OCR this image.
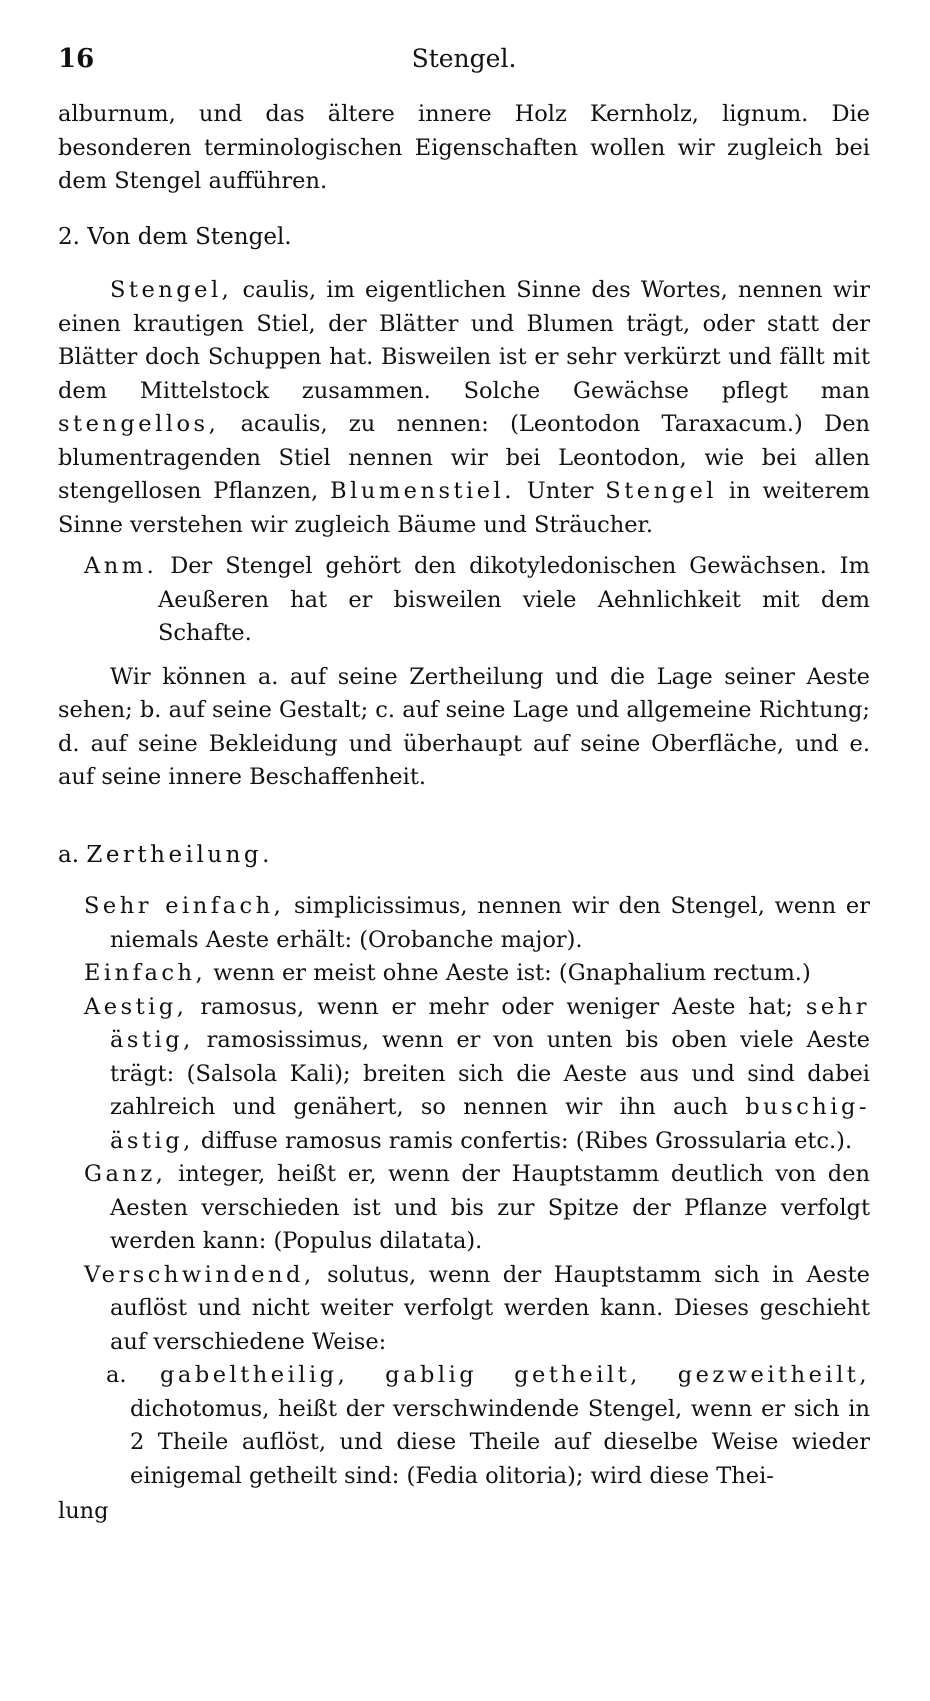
16	Stengel.

alburnum, und das ältere innere Holz Kernholz, lignum. Die besonderen terminologischen Eigenschaften wollen wir zugleich bei dem Stengel aufführen.

2. Von dem Stengel.

Stengel, caulis, im eigentlichen Sinne des Wortes, nennen wir einen krautigen Stiel, der Blätter und Blumen trägt, oder statt der Blätter doch Schuppen hat. Bisweilen ist er sehr verkürzt und fällt mit dem Mittelstock zusammen. Solche Gewächse pflegt man stengellos, acaulis, zu nennen: (Leontodon Taraxacum.) Den blumentragenden Stiel nennen wir bei Leontodon, wie bei allen stengellosen Pflanzen, Blumenstiel. Unter Stengel in weiterem Sinne verstehen wir zugleich Bäume und Sträucher.

Anm. Der Stengel gehört den dikotyledonischen Gewächsen. Im Aeußeren hat er bisweilen viele Aehnlichkeit mit dem Schafte.

Wir können a. auf seine Zertheilung und die Lage seiner Aeste sehen; b. auf seine Gestalt; c. auf seine Lage und allgemeine Richtung; d. auf seine Bekleidung und überhaupt auf seine Oberfläche, und e. auf seine innere Beschaffenheit.

a. Zertheilung.

Sehr einfach, simplicissimus, nennen wir den Stengel, wenn er niemals Aeste erhält: (Orobanche major).

Einfach, wenn er meist ohne Aeste ist: (Gnaphalium rectum.)

Aestig, ramosus, wenn er mehr oder weniger Aeste hat; sehr ästig, ramosissimus, wenn er von unten bis oben viele Aeste trägt: (Salsola Kali); breiten sich die Aeste aus und sind dabei zahlreich und genähert, so nennen wir ihn auch buschig-ästig, diffuse ramosus ramis confertis: (Ribes Grossularia etc.).

Ganz, integer, heißt er, wenn der Hauptstamm deutlich von den Aesten verschieden ist und bis zur Spitze der Pflanze verfolgt werden kann: (Populus dilatata).

Verschwindend, solutus, wenn der Hauptstamm sich in Aeste auflöst und nicht weiter verfolgt werden kann. Dieses geschieht auf verschiedene Weise:

a. gabeltheilig, gablig getheilt, gezweitheilt, dichotomus, heißt der verschwindende Stengel, wenn er sich in 2 Theile auflöst, und diese Theile auf dieselbe Weise wieder einigemal getheilt sind: (Fedia olitoria); wird diese Thei-

lung
